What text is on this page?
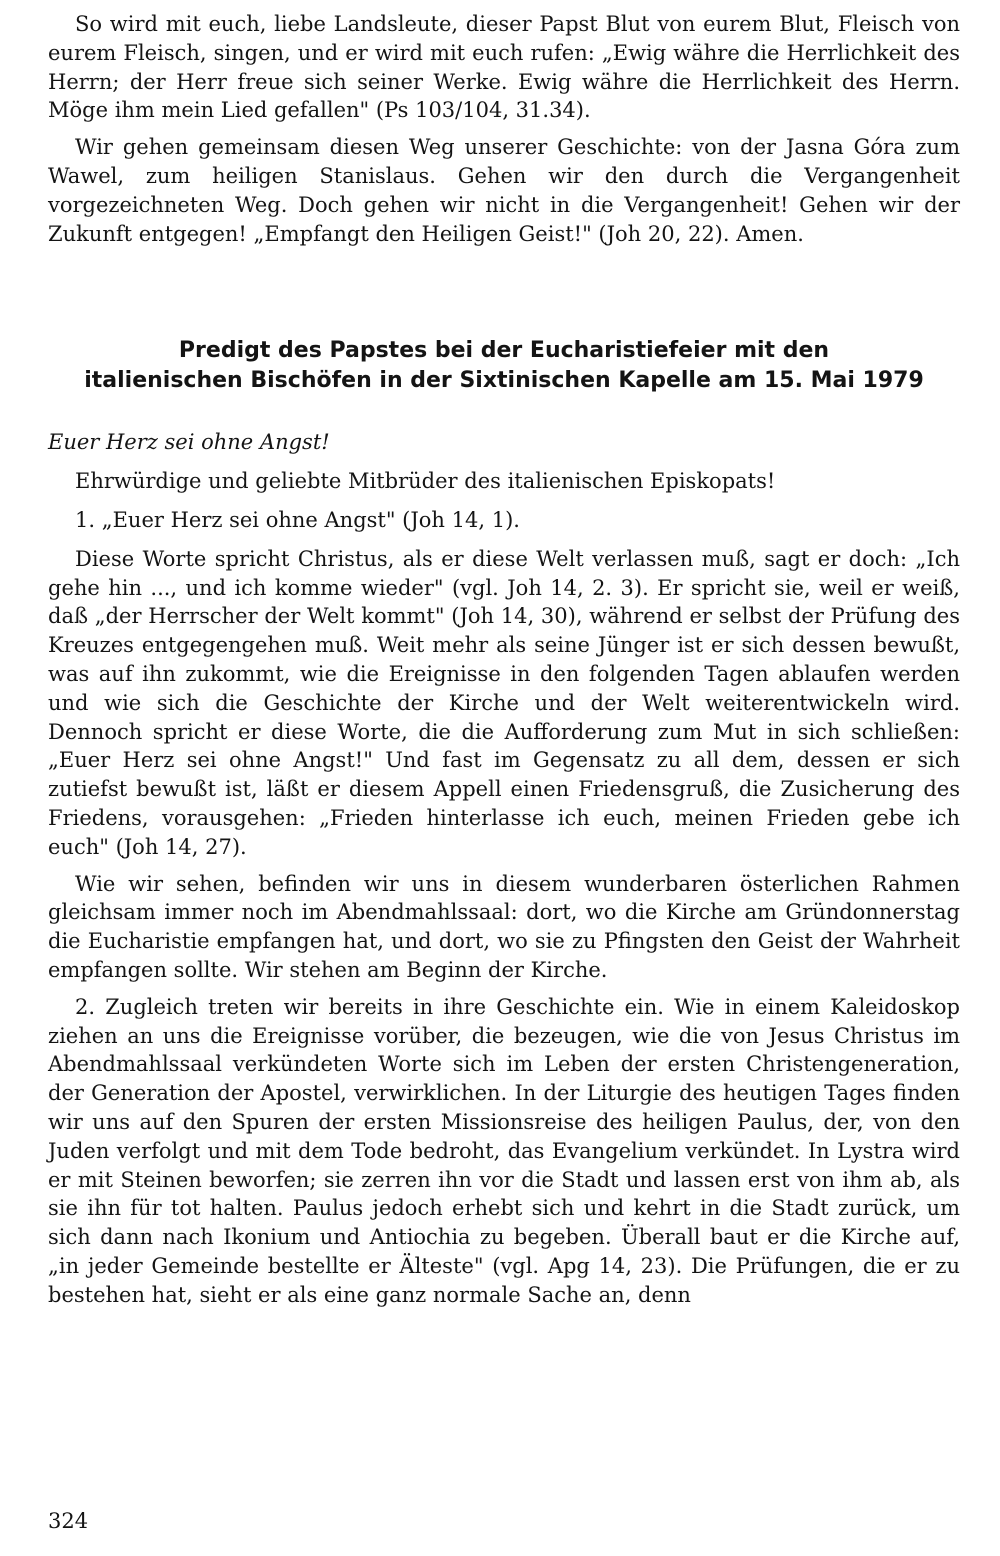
So wird mit euch, liebe Landsleute, dieser Papst Blut von eurem Blut, Fleisch von eurem Fleisch, singen, und er wird mit euch rufen: „Ewig währe die Herrlichkeit des Herrn; der Herr freue sich seiner Werke. Ewig währe die Herrlichkeit des Herrn. Möge ihm mein Lied gefallen" (Ps 103/104, 31.34).

Wir gehen gemeinsam diesen Weg unserer Geschichte: von der Jasna Góra zum Wawel, zum heiligen Stanislaus. Gehen wir den durch die Vergangenheit vorgezeichneten Weg. Doch gehen wir nicht in die Vergangenheit! Gehen wir der Zukunft entgegen! „Empfangt den Heiligen Geist!" (Joh 20, 22). Amen.

Predigt des Papstes bei der Eucharistiefeier mit den
italienischen Bischöfen in der Sixtinischen Kapelle am 15. Mai 1979

Euer Herz sei ohne Angst!

Ehrwürdige und geliebte Mitbrüder des italienischen Episkopats!

1. „Euer Herz sei ohne Angst" (Joh 14, 1).

Diese Worte spricht Christus, als er diese Welt verlassen muß, sagt er doch: „Ich gehe hin ..., und ich komme wieder" (vgl. Joh 14, 2. 3). Er spricht sie, weil er weiß, daß „der Herrscher der Welt kommt" (Joh 14, 30), während er selbst der Prüfung des Kreuzes entgegengehen muß. Weit mehr als seine Jünger ist er sich dessen bewußt, was auf ihn zukommt, wie die Ereignisse in den folgenden Tagen ablaufen werden und wie sich die Geschichte der Kirche und der Welt weiterentwickeln wird. Dennoch spricht er diese Worte, die die Aufforderung zum Mut in sich schließen: „Euer Herz sei ohne Angst!" Und fast im Gegensatz zu all dem, dessen er sich zutiefst bewußt ist, läßt er diesem Appell einen Friedensgruß, die Zusicherung des Friedens, vorausgehen: „Frieden hinterlasse ich euch, meinen Frieden gebe ich euch" (Joh 14, 27).

Wie wir sehen, befinden wir uns in diesem wunderbaren österlichen Rahmen gleichsam immer noch im Abendmahlssaal: dort, wo die Kirche am Gründonnerstag die Eucharistie empfangen hat, und dort, wo sie zu Pfingsten den Geist der Wahrheit empfangen sollte. Wir stehen am Beginn der Kirche.

2. Zugleich treten wir bereits in ihre Geschichte ein. Wie in einem Kaleidoskop ziehen an uns die Ereignisse vorüber, die bezeugen, wie die von Jesus Christus im Abendmahlssaal verkündeten Worte sich im Leben der ersten Christengeneration, der Generation der Apostel, verwirklichen. In der Liturgie des heutigen Tages finden wir uns auf den Spuren der ersten Missionsreise des heiligen Paulus, der, von den Juden verfolgt und mit dem Tode bedroht, das Evangelium verkündet. In Lystra wird er mit Steinen beworfen; sie zerren ihn vor die Stadt und lassen erst von ihm ab, als sie ihn für tot halten. Paulus jedoch erhebt sich und kehrt in die Stadt zurück, um sich dann nach Ikonium und Antiochia zu begeben. Überall baut er die Kirche auf, „in jeder Gemeinde bestellte er Älteste" (vgl. Apg 14, 23). Die Prüfungen, die er zu bestehen hat, sieht er als eine ganz normale Sache an, denn

324
